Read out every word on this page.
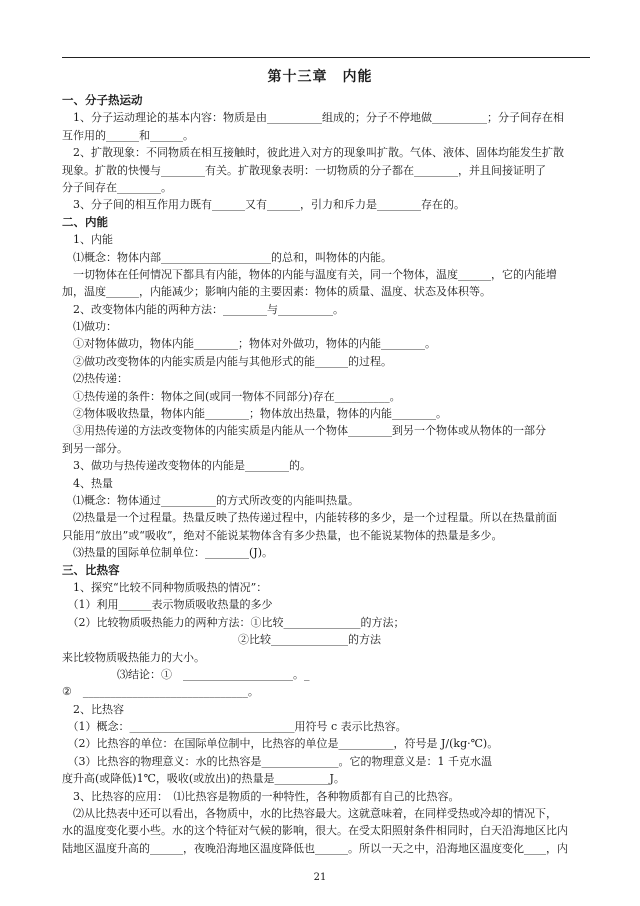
第十三章　内能
一、分子热运动
　1、分子运动理论的基本内容：物质是由__________组成的；分子不停地做__________；分子间存在相
互作用的______和______。
　2、扩散现象：不同物质在相互接触时，彼此进入对方的现象叫扩散。气体、液体、固体均能发生扩散
现象。扩散的快慢与________有关。扩散现象表明：一切物质的分子都在________，并且间接证明了
分子间存在________。
　3、分子间的相互作用力既有______又有______，引力和斥力是________存在的。
二、内能
　1、内能
　⑴概念：物体内部____________________的总和，叫物体的内能。
　一切物体在任何情况下都具有内能，物体的内能与温度有关，同一个物体，温度______，它的内能增
加，温度______，内能减少；影响内能的主要因素：物体的质量、温度、状态及体积等。
　2、改变物体内能的两种方法：________与__________。
　⑴做功：
　①对物体做功，物体内能________；物体对外做功，物体的内能________。
　②做功改变物体的内能实质是内能与其他形式的能______的过程。
　⑵热传递：
　①热传递的条件：物体之间(或同一物体不同部分)存在__________。
　②物体吸收热量，物体内能________；物体放出热量，物体的内能________。
　③用热传递的方法改变物体的内能实质是内能从一个物体________到另一个物体或从物体的一部分
到另一部分。
　3、做功与热传递改变物体的内能是________的。
　4、热量
　⑴概念：物体通过__________的方式所改变的内能叫热量。
　⑵热量是一个过程量。热量反映了热传递过程中，内能转移的多少，是一个过程量。所以在热量前面
只能用“放出”或“吸收”，绝对不能说某物体含有多少热量，也不能说某物体的热量是多少。
　⑶热量的国际单位制单位：________(J)。
三、比热容
　1、探究“比较不同种物质吸热的情况”：
　（1）利用______表示物质吸收热量的多少
　（2）比较物质吸热能力的两种方法：①比较______________的方法；
　　　　　　　　　　　　　　　　②比较______________的方法
来比较物质吸热能力的大小。
　　　　　⑶结论：①　____________________。_
②　______________________________。
　2、比热容
　（1）概念：______________________________用符号 c 表示比热容。
　（2）比热容的单位：在国际单位制中，比热容的单位是__________，符号是 J/(kg·℃)。
　（3）比热容的物理意义：水的比热容是______________。它的物理意义是：1 千克水温
度升高(或降低)1℃，吸收(或放出)的热量是__________J。
　3、比热容的应用：　⑴比热容是物质的一种特性，各种物质都有自己的比热容。
　⑵从比热表中还可以看出，各物质中，水的比热容最大。这就意味着，在同样受热或冷却的情况下，
水的温度变化要小些。水的这个特征对气候的影响，很大。在受太阳照射条件相同时，白天沿海地区比内
陆地区温度升高的______，夜晚沿海地区温度降低也______。所以一天之中，沿海地区温度变化____，内
21
